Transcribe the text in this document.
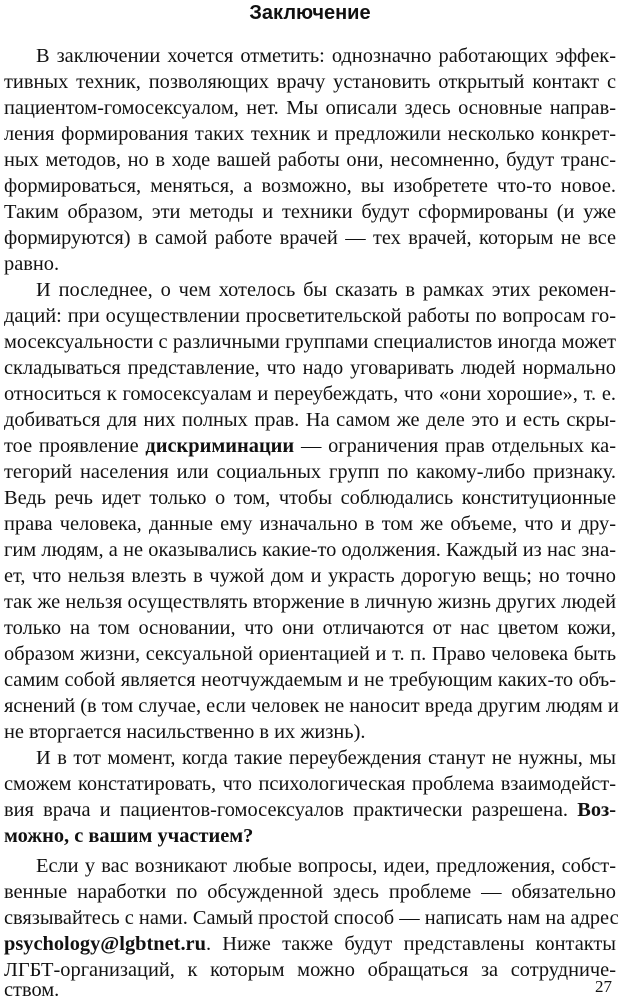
Заключение
В заключении хочется отметить: однозначно работающих эффек-
тивных техник, позволяющих врачу установить открытый контакт с
пациентом-гомосексуалом, нет. Мы описали здесь основные направ-
ления формирования таких техник и предложили несколько конкрет-
ных методов, но в ходе вашей работы они, несомненно, будут транс-
формироваться, меняться, а возможно, вы изобретете что-то новое.
Таким образом, эти методы и техники будут сформированы (и уже
формируются) в самой работе врачей — тех врачей, которым не все
равно.
И последнее, о чем хотелось бы сказать в рамках этих рекомен-
даций: при осуществлении просветительской работы по вопросам го-
мосексуальности с различными группами специалистов иногда может
складываться представление, что надо уговаривать людей нормально
относиться к гомосексуалам и переубеждать, что «они хорошие», т. е.
добиваться для них полных прав. На самом же деле это и есть скры-
тое проявление дискриминации — ограничения прав отдельных ка-
тегорий населения или социальных групп по какому-либо признаку.
Ведь речь идет только о том, чтобы соблюдались конституционные
права человека, данные ему изначально в том же объеме, что и дру-
гим людям, а не оказывались какие-то одолжения. Каждый из нас зна-
ет, что нельзя влезть в чужой дом и украсть дорогую вещь; но точно
так же нельзя осуществлять вторжение в личную жизнь других людей
только на том основании, что они отличаются от нас цветом кожи,
образом жизни, сексуальной ориентацией и т. п. Право человека быть
самим собой является неотчуждаемым и не требующим каких-то объ-
яснений (в том случае, если человек не наносит вреда другим людям и
не вторгается насильственно в их жизнь).
И в тот момент, когда такие переубеждения станут не нужны, мы
сможем констатировать, что психологическая проблема взаимодейст-
вия врача и пациентов-гомосексуалов практически разрешена. Воз-
можно, с вашим участием?
Если у вас возникают любые вопросы, идеи, предложения, собст-
венные наработки по обсужденной здесь проблеме — обязательно
связывайтесь с нами. Самый простой способ — написать нам на адрес
psychology@lgbtnet.ru. Ниже также будут представлены контакты
ЛГБТ-организаций, к которым можно обращаться за сотрудниче-
ством.	27
